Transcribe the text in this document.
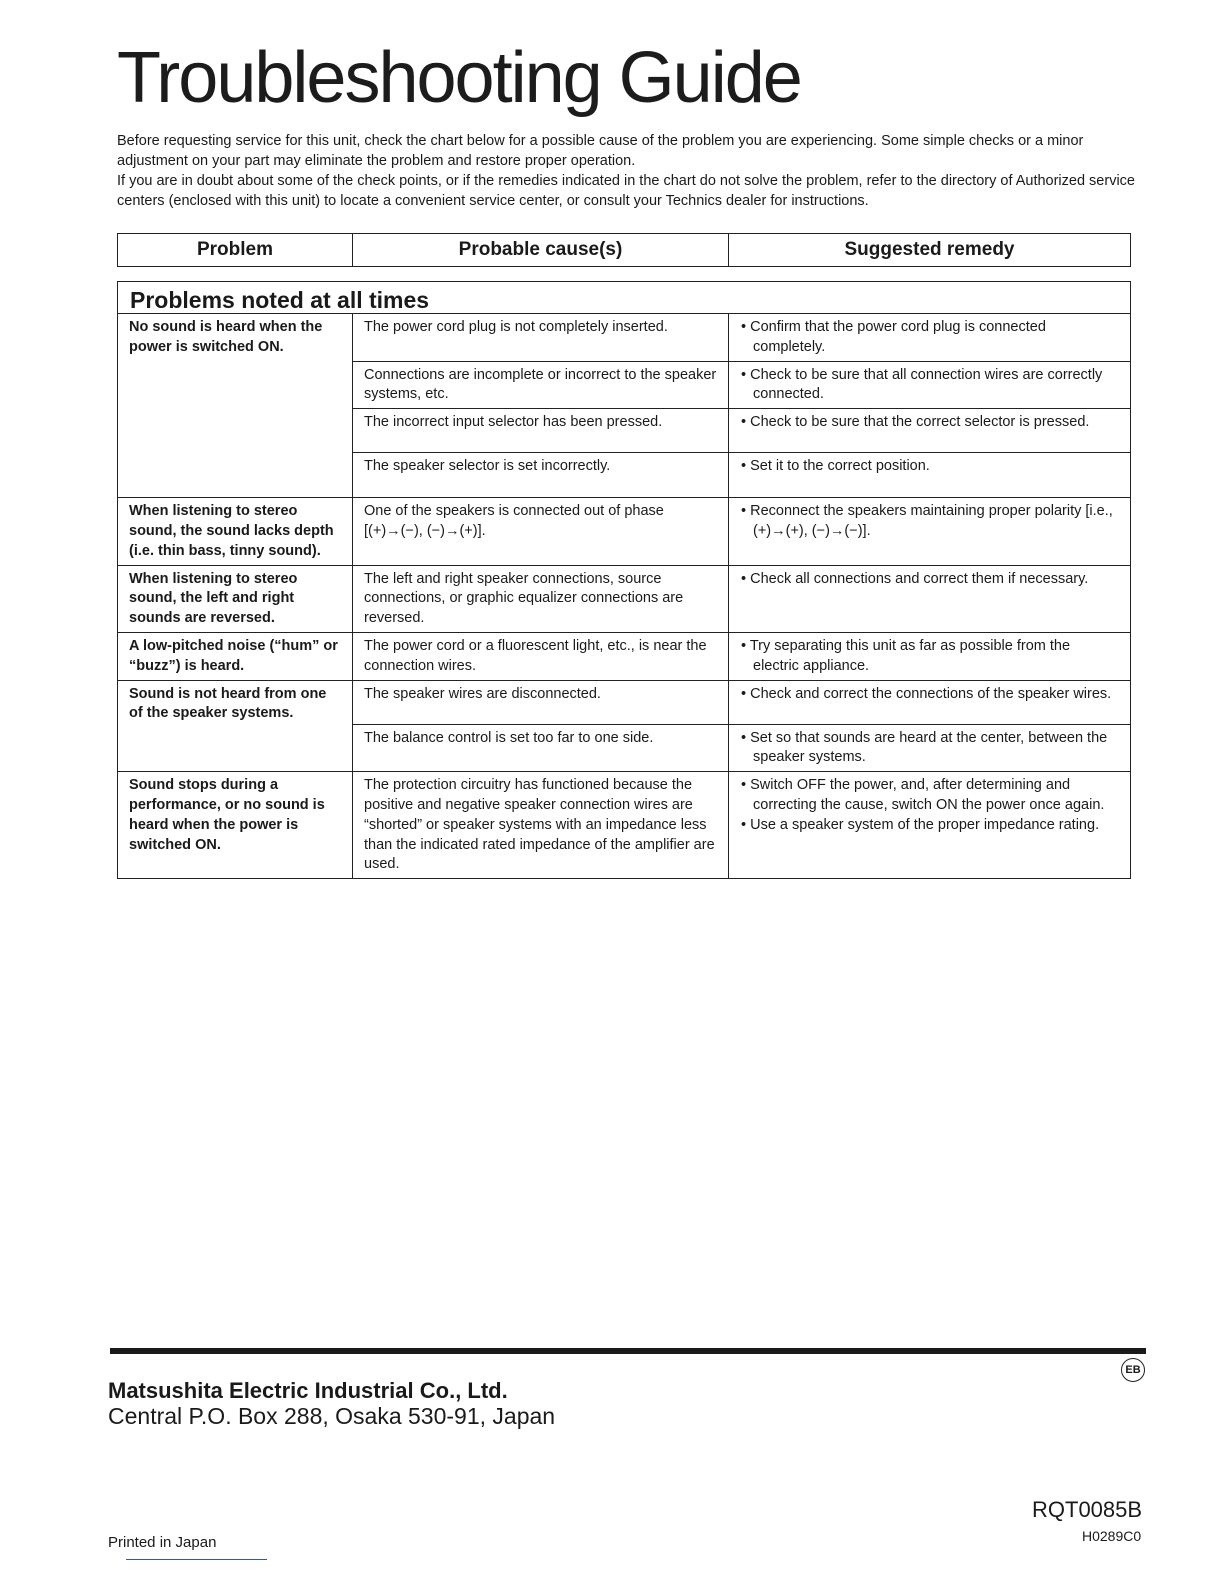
Troubleshooting Guide

Before requesting service for this unit, check the chart below for a possible cause of the problem you are experiencing. Some simple checks or a minor adjustment on your part may eliminate the problem and restore proper operation.

If you are in doubt about some of the check points, or if the remedies indicated in the chart do not solve the problem, refer to the directory of Authorized service centers (enclosed with this unit) to locate a convenient service center, or consult your Technics dealer for instructions.

Problem	Probable cause(s)	Suggested remedy
Problems noted at all times		
No sound is heard when the power is switched ON.	The power cord plug is not completely inserted.	• Confirm that the power cord plug is connected completely.

	Connections are incomplete or incorrect to the speaker systems, etc.	• Check to be sure that all connection wires are correctly connected.

	The incorrect input selector has been pressed.	• Check to be sure that the correct selector is pressed.

	The speaker selector is set incorrectly.	• Set it to the correct position.

When listening to stereo sound, the sound lacks depth (i.e. thin bass, tinny sound).	One of the speakers is connected out of phase [(+)→(−), (−)→(+)].	• Reconnect the speakers maintaining proper polarity [i.e., (+)→(+), (−)→(−)].

When listening to stereo sound, the left and right sounds are reversed.	The left and right speaker connections, source connections, or graphic equalizer connections are reversed.	• Check all connections and correct them if necessary.

A low-pitched noise (“hum” or “buzz”) is heard.	The power cord or a fluorescent light, etc., is near the connection wires.	• Try separating this unit as far as possible from the electric appliance.

Sound is not heard from one of the speaker systems.	The speaker wires are disconnected.	• Check and correct the connections of the speaker wires.

	The balance control is set too far to one side.	• Set so that sounds are heard at the center, between the speaker systems.

Sound stops during a performance, or no sound is heard when the power is switched ON.	The protection circuitry has functioned because the positive and negative speaker connection wires are “shorted” or speaker systems with an impedance less than the indicated rated impedance of the amplifier are used.	• Switch OFF the power, and, after determining and correcting the cause, switch ON the power once again.
• Use a speaker system of the proper impedance rating.
EB

Matsushita Electric Industrial Co., Ltd.

Central P.O. Box 288, Osaka 530-91, Japan

RQT0085B
H0289C0
Printed in Japan
